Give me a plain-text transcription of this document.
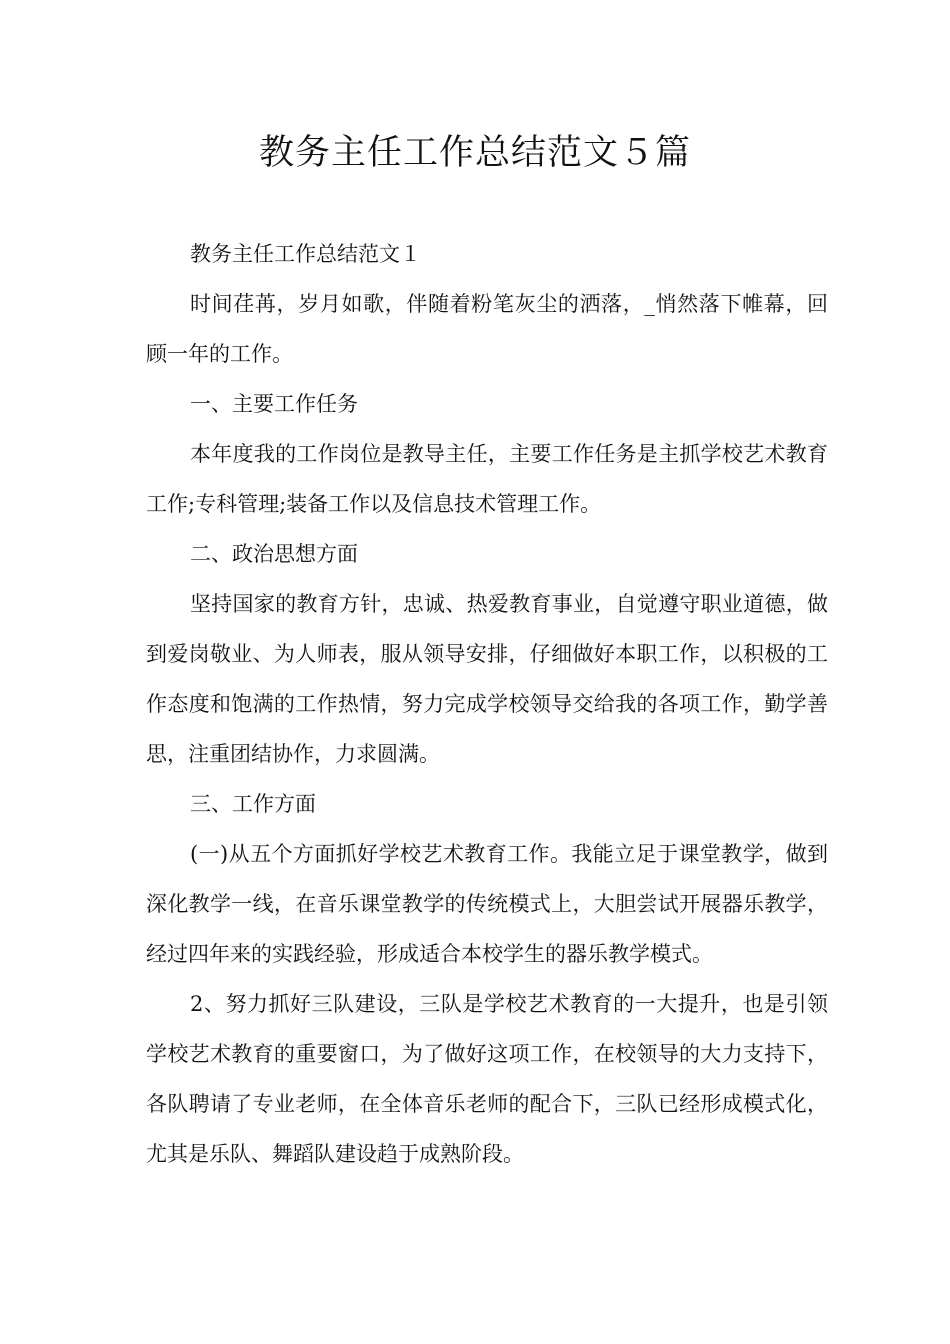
教务主任工作总结范文５篇

教务主任工作总结范文１

时间荏苒，岁月如歌，伴随着粉笔灰尘的洒落，_悄然落下帷幕，回顾一年的工作。

一、主要工作任务

本年度我的工作岗位是教导主任，主要工作任务是主抓学校艺术教育工作;专科管理;装备工作以及信息技术管理工作。

二、政治思想方面

坚持国家的教育方针，忠诚、热爱教育事业，自觉遵守职业道德，做到爱岗敬业、为人师表，服从领导安排，仔细做好本职工作，以积极的工作态度和饱满的工作热情，努力完成学校领导交给我的各项工作，勤学善思，注重团结协作，力求圆满。

三、工作方面

(一)从五个方面抓好学校艺术教育工作。我能立足于课堂教学，做到深化教学一线，在音乐课堂教学的传统模式上，大胆尝试开展器乐教学，经过四年来的实践经验，形成适合本校学生的器乐教学模式。

2、努力抓好三队建设，三队是学校艺术教育的一大提升，也是引领学校艺术教育的重要窗口，为了做好这项工作，在校领导的大力支持下，各队聘请了专业老师，在全体音乐老师的配合下，三队已经形成模式化，尤其是乐队、舞蹈队建设趋于成熟阶段。
